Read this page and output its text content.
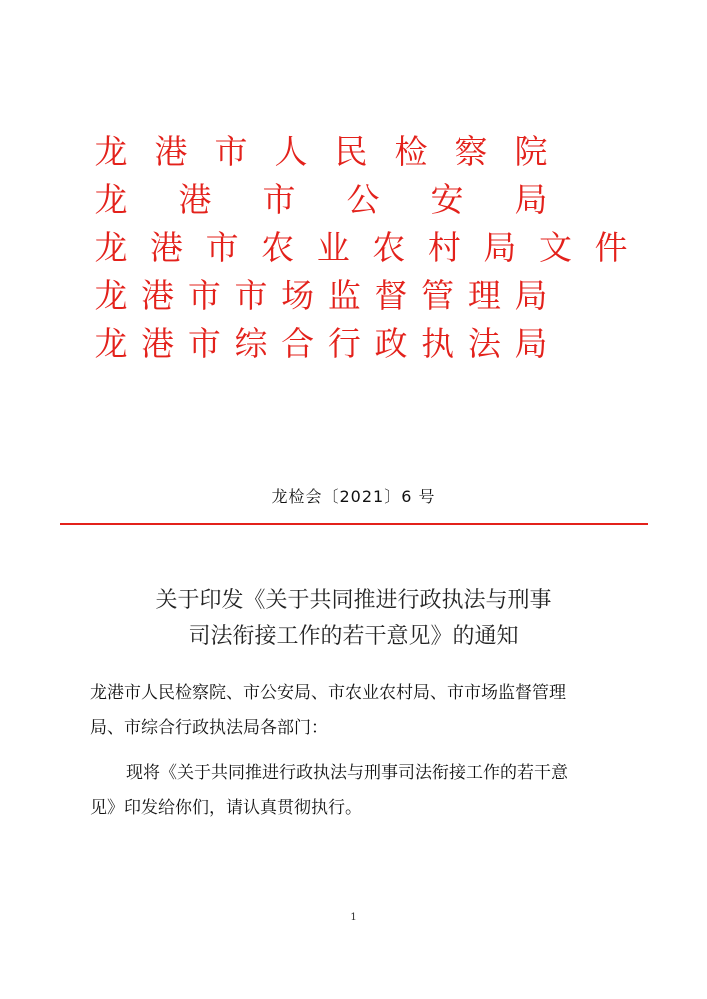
龙 港 市 人 民 检 察 院
龙 港 市 公 安 局
龙 港 市 农 业 农 村 局 文 件
龙 港 市 市 场 监 督 管 理 局
龙 港 市 综 合 行 政 执 法 局
龙检会〔2021〕6 号
关于印发《关于共同推进行政执法与刑事
司法衔接工作的若干意见》的通知
龙港市人民检察院、市公安局、市农业农村局、市市场监督管理
局、市综合行政执法局各部门：
现将《关于共同推进行政执法与刑事司法衔接工作的若干意
见》印发给你们，请认真贯彻执行。
1
